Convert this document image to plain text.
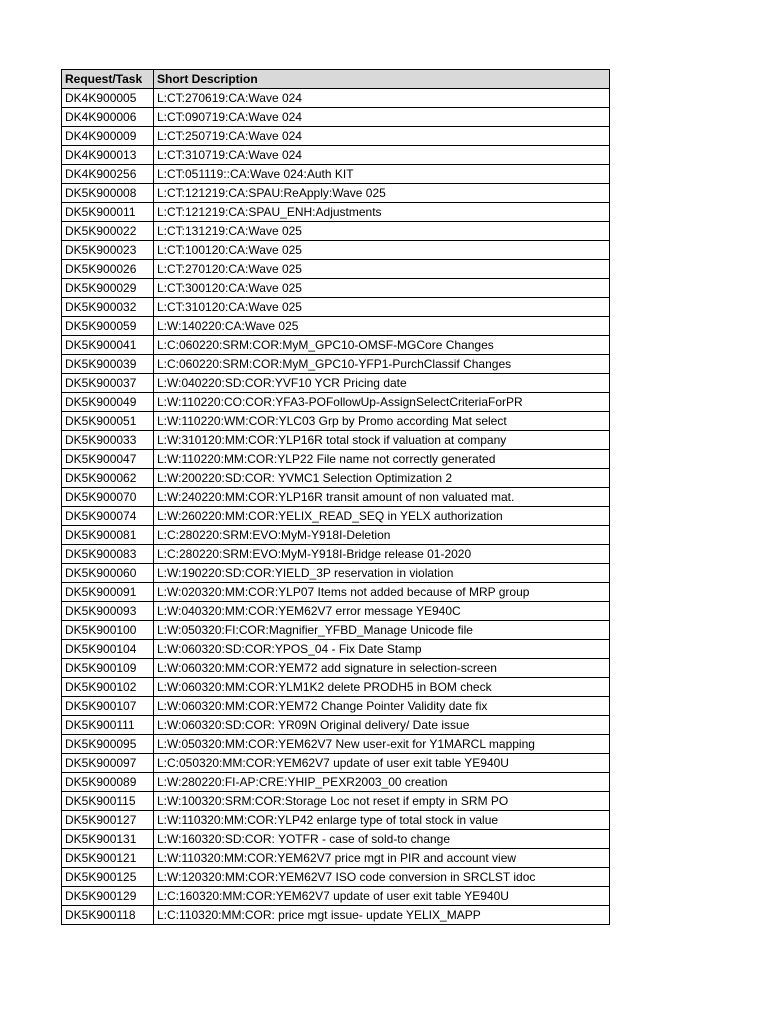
Request/Task	Short Description
DK4K900005	L:CT:270619:CA:Wave 024
DK4K900006	L:CT:090719:CA:Wave 024
DK4K900009	L:CT:250719:CA:Wave 024
DK4K900013	L:CT:310719:CA:Wave 024
DK4K900256	L:CT:051119::CA:Wave 024:Auth KIT
DK5K900008	L:CT:121219:CA:SPAU:ReApply:Wave 025
DK5K900011	L:CT:121219:CA:SPAU_ENH:Adjustments
DK5K900022	L:CT:131219:CA:Wave 025
DK5K900023	L:CT:100120:CA:Wave 025
DK5K900026	L:CT:270120:CA:Wave 025
DK5K900029	L:CT:300120:CA:Wave 025
DK5K900032	L:CT:310120:CA:Wave 025
DK5K900059	L:W:140220:CA:Wave 025
DK5K900041	L:C:060220:SRM:COR:MyM_GPC10-OMSF-MGCore Changes
DK5K900039	L:C:060220:SRM:COR:MyM_GPC10-YFP1-PurchClassif Changes
DK5K900037	L:W:040220:SD:COR:YVF10 YCR Pricing date
DK5K900049	L:W:110220:CO:COR:YFA3-POFollowUp-AssignSelectCriteriaForPR
DK5K900051	L:W:110220:WM:COR:YLC03 Grp by Promo according Mat select
DK5K900033	L:W:310120:MM:COR:YLP16R total stock if valuation at company
DK5K900047	L:W:110220:MM:COR:YLP22 File name not correctly generated
DK5K900062	L:W:200220:SD:COR: YVMC1 Selection Optimization 2
DK5K900070	L:W:240220:MM:COR:YLP16R transit amount of non valuated mat.
DK5K900074	L:W:260220:MM:COR:YELIX_READ_SEQ in YELX authorization
DK5K900081	L:C:280220:SRM:EVO:MyM-Y918I-Deletion
DK5K900083	L:C:280220:SRM:EVO:MyM-Y918I-Bridge release 01-2020
DK5K900060	L:W:190220:SD:COR:YIELD_3P reservation in violation
DK5K900091	L:W:020320:MM:COR:YLP07 Items not added because of MRP group
DK5K900093	L:W:040320:MM:COR:YEM62V7 error message YE940C
DK5K900100	L:W:050320:FI:COR:Magnifier_YFBD_Manage Unicode file
DK5K900104	L:W:060320:SD:COR:YPOS_04 - Fix Date Stamp
DK5K900109	L:W:060320:MM:COR:YEM72 add signature in selection-screen
DK5K900102	L:W:060320:MM:COR:YLM1K2 delete PRODH5 in BOM check
DK5K900107	L:W:060320:MM:COR:YEM72 Change Pointer Validity date fix
DK5K900111	L:W:060320:SD:COR: YR09N Original delivery/ Date issue
DK5K900095	L:W:050320:MM:COR:YEM62V7 New user-exit for Y1MARCL mapping
DK5K900097	L:C:050320:MM:COR:YEM62V7 update of user exit table YE940U
DK5K900089	L:W:280220:FI-AP:CRE:YHIP_PEXR2003_00 creation
DK5K900115	L:W:100320:SRM:COR:Storage Loc not reset if empty in SRM PO
DK5K900127	L:W:110320:MM:COR:YLP42 enlarge type of total stock in value
DK5K900131	L:W:160320:SD:COR: YOTFR - case of sold-to change
DK5K900121	L:W:110320:MM:COR:YEM62V7 price mgt in PIR and account view
DK5K900125	L:W:120320:MM:COR:YEM62V7 ISO code conversion in SRCLST idoc
DK5K900129	L:C:160320:MM:COR:YEM62V7 update of user exit table YE940U
DK5K900118	L:C:110320:MM:COR: price mgt issue- update YELIX_MAPP
